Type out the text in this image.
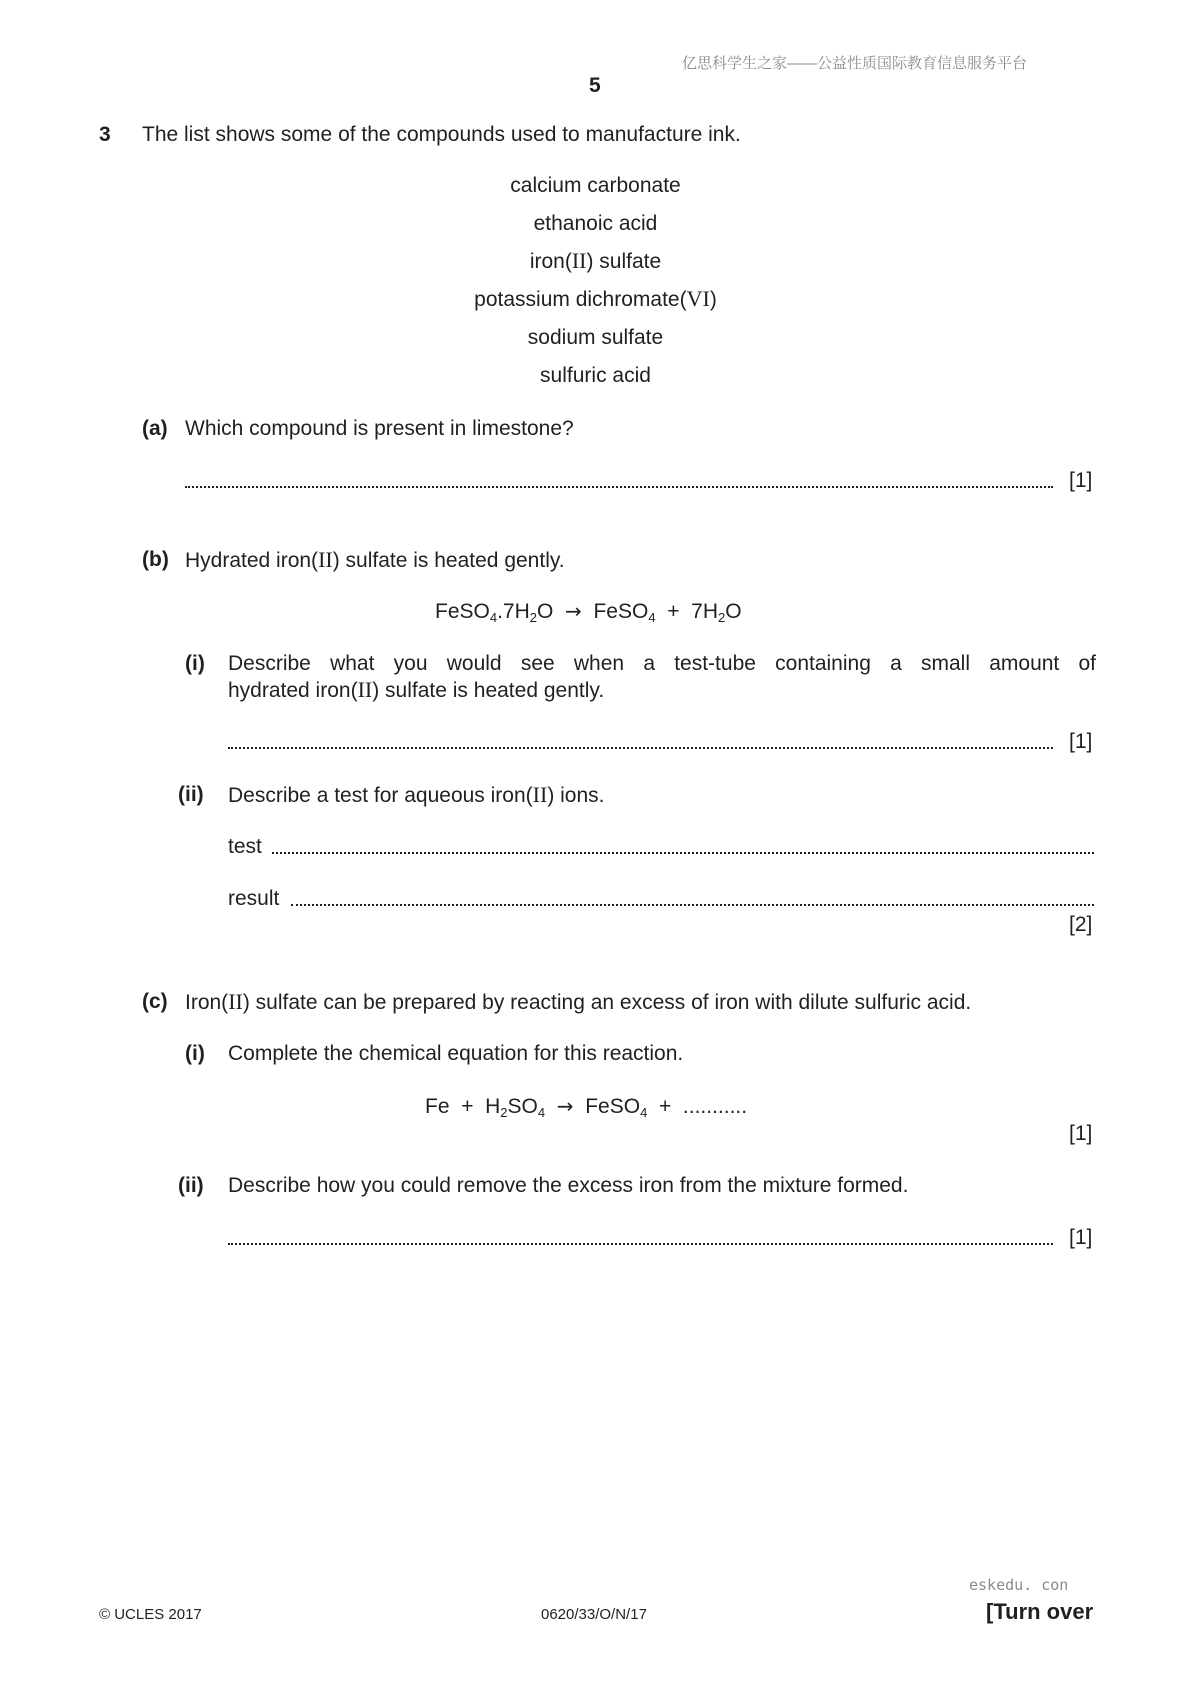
亿思科学生之家——公益性质国际教育信息服务平台
5
3 The list shows some of the compounds used to manufacture ink.
calcium carbonate
ethanoic acid
iron(II) sulfate
potassium dichromate(VI)
sodium sulfate
sulfuric acid
(a) Which compound is present in limestone?
[1]
(b) Hydrated iron(II) sulfate is heated gently.
$FeSO_4.7H_2O$ → FeSO$_4$ + $7H_2O$
(i) Describe what you would see when a test-tube containing a small amount of
hydrated iron(II) sulfate is heated gently.
[1]
(ii) Describe a test for aqueous iron(II) ions.
test
result
[2]
(c) Iron(II) sulfate can be prepared by reacting an excess of iron with dilute sulfuric acid.
(i) Complete the chemical equation for this reaction.
$Fe + H_2SO_4$ → FeSO$_4$ + ...........
[1]
(ii) Describe how you could remove the excess iron from the mixture formed.
[1]
eskedu. con
© UCLES 2017	0620/33/O/N/17	[Turn over
